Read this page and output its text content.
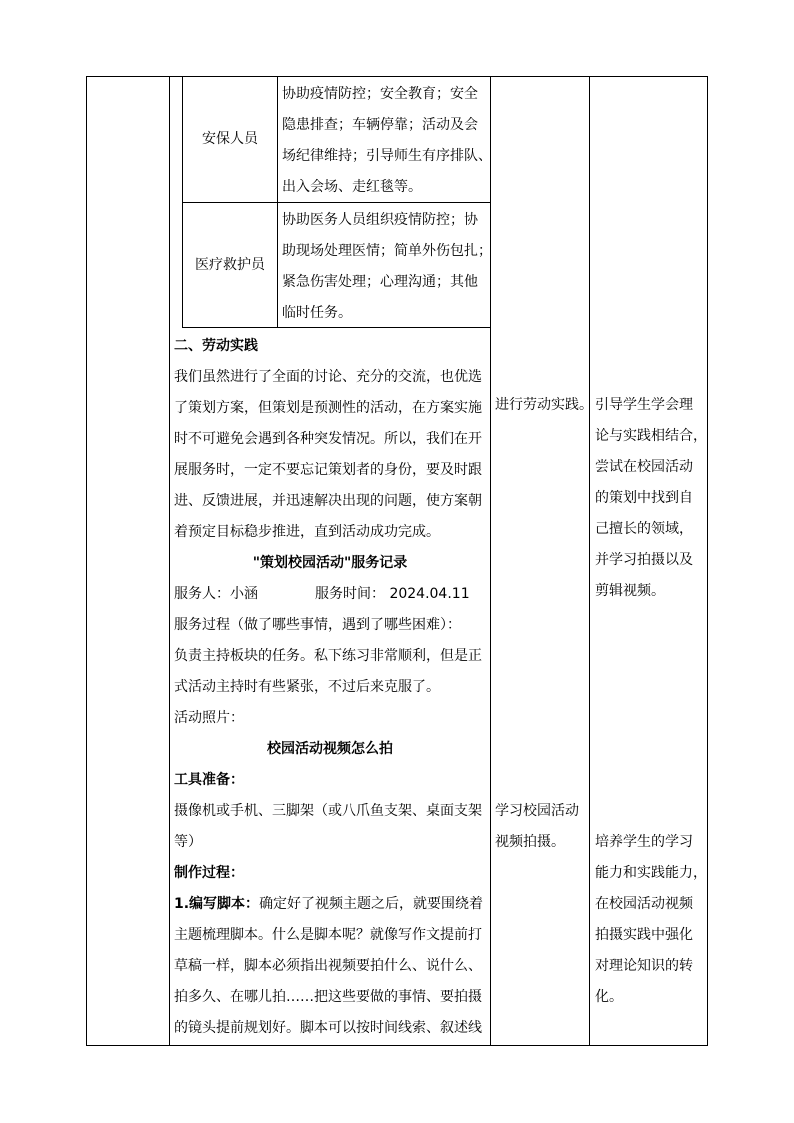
安保人员
协助疫情防控；安全教育；安全
隐患排查；车辆停靠；活动及会
场纪律维持；引导师生有序排队、
出入会场、走红毯等。
医疗救护员
协助医务人员组织疫情防控；协
助现场处理医情；简单外伤包扎；
紧急伤害处理；心理沟通；其他
临时任务。
二、劳动实践
我们虽然进行了全面的讨论、充分的交流，也优选
了策划方案，但策划是预测性的活动，在方案实施
时不可避免会遇到各种突发情况。所以，我们在开
展服务时，一定不要忘记策划者的身份，要及时跟
进、反馈进展，并迅速解决出现的问题，使方案朝
着预定目标稳步推进，直到活动成功完成。
"策划校园活动"服务记录
服务人：小涵	服务时间： 2024.04.11
服务过程（做了哪些事情，遇到了哪些困难）：
负责主持板块的任务。私下练习非常顺利，但是正
式活动主持时有些紧张，不过后来克服了。
活动照片：
校园活动视频怎么拍
工具准备：
摄像机或手机、三脚架（或八爪鱼支架、桌面支架
等）
制作过程：
1.编写脚本：确定好了视频主题之后，就要围绕着
主题梳理脚本。什么是脚本呢？就像写作文提前打
草稿一样，脚本必须指出视频要拍什么、说什么、
拍多久、在哪儿拍……把这些要做的事情、要拍摄
的镜头提前规划好。脚本可以按时间线索、叙述线
进行劳动实践。
学习校园活动
视频拍摄。
引导学生学会理
论与实践相结合，
尝试在校园活动
的策划中找到自
己擅长的领域，
并学习拍摄以及
剪辑视频。
培养学生的学习
能力和实践能力，
在校园活动视频
拍摄实践中强化
对理论知识的转
化。
